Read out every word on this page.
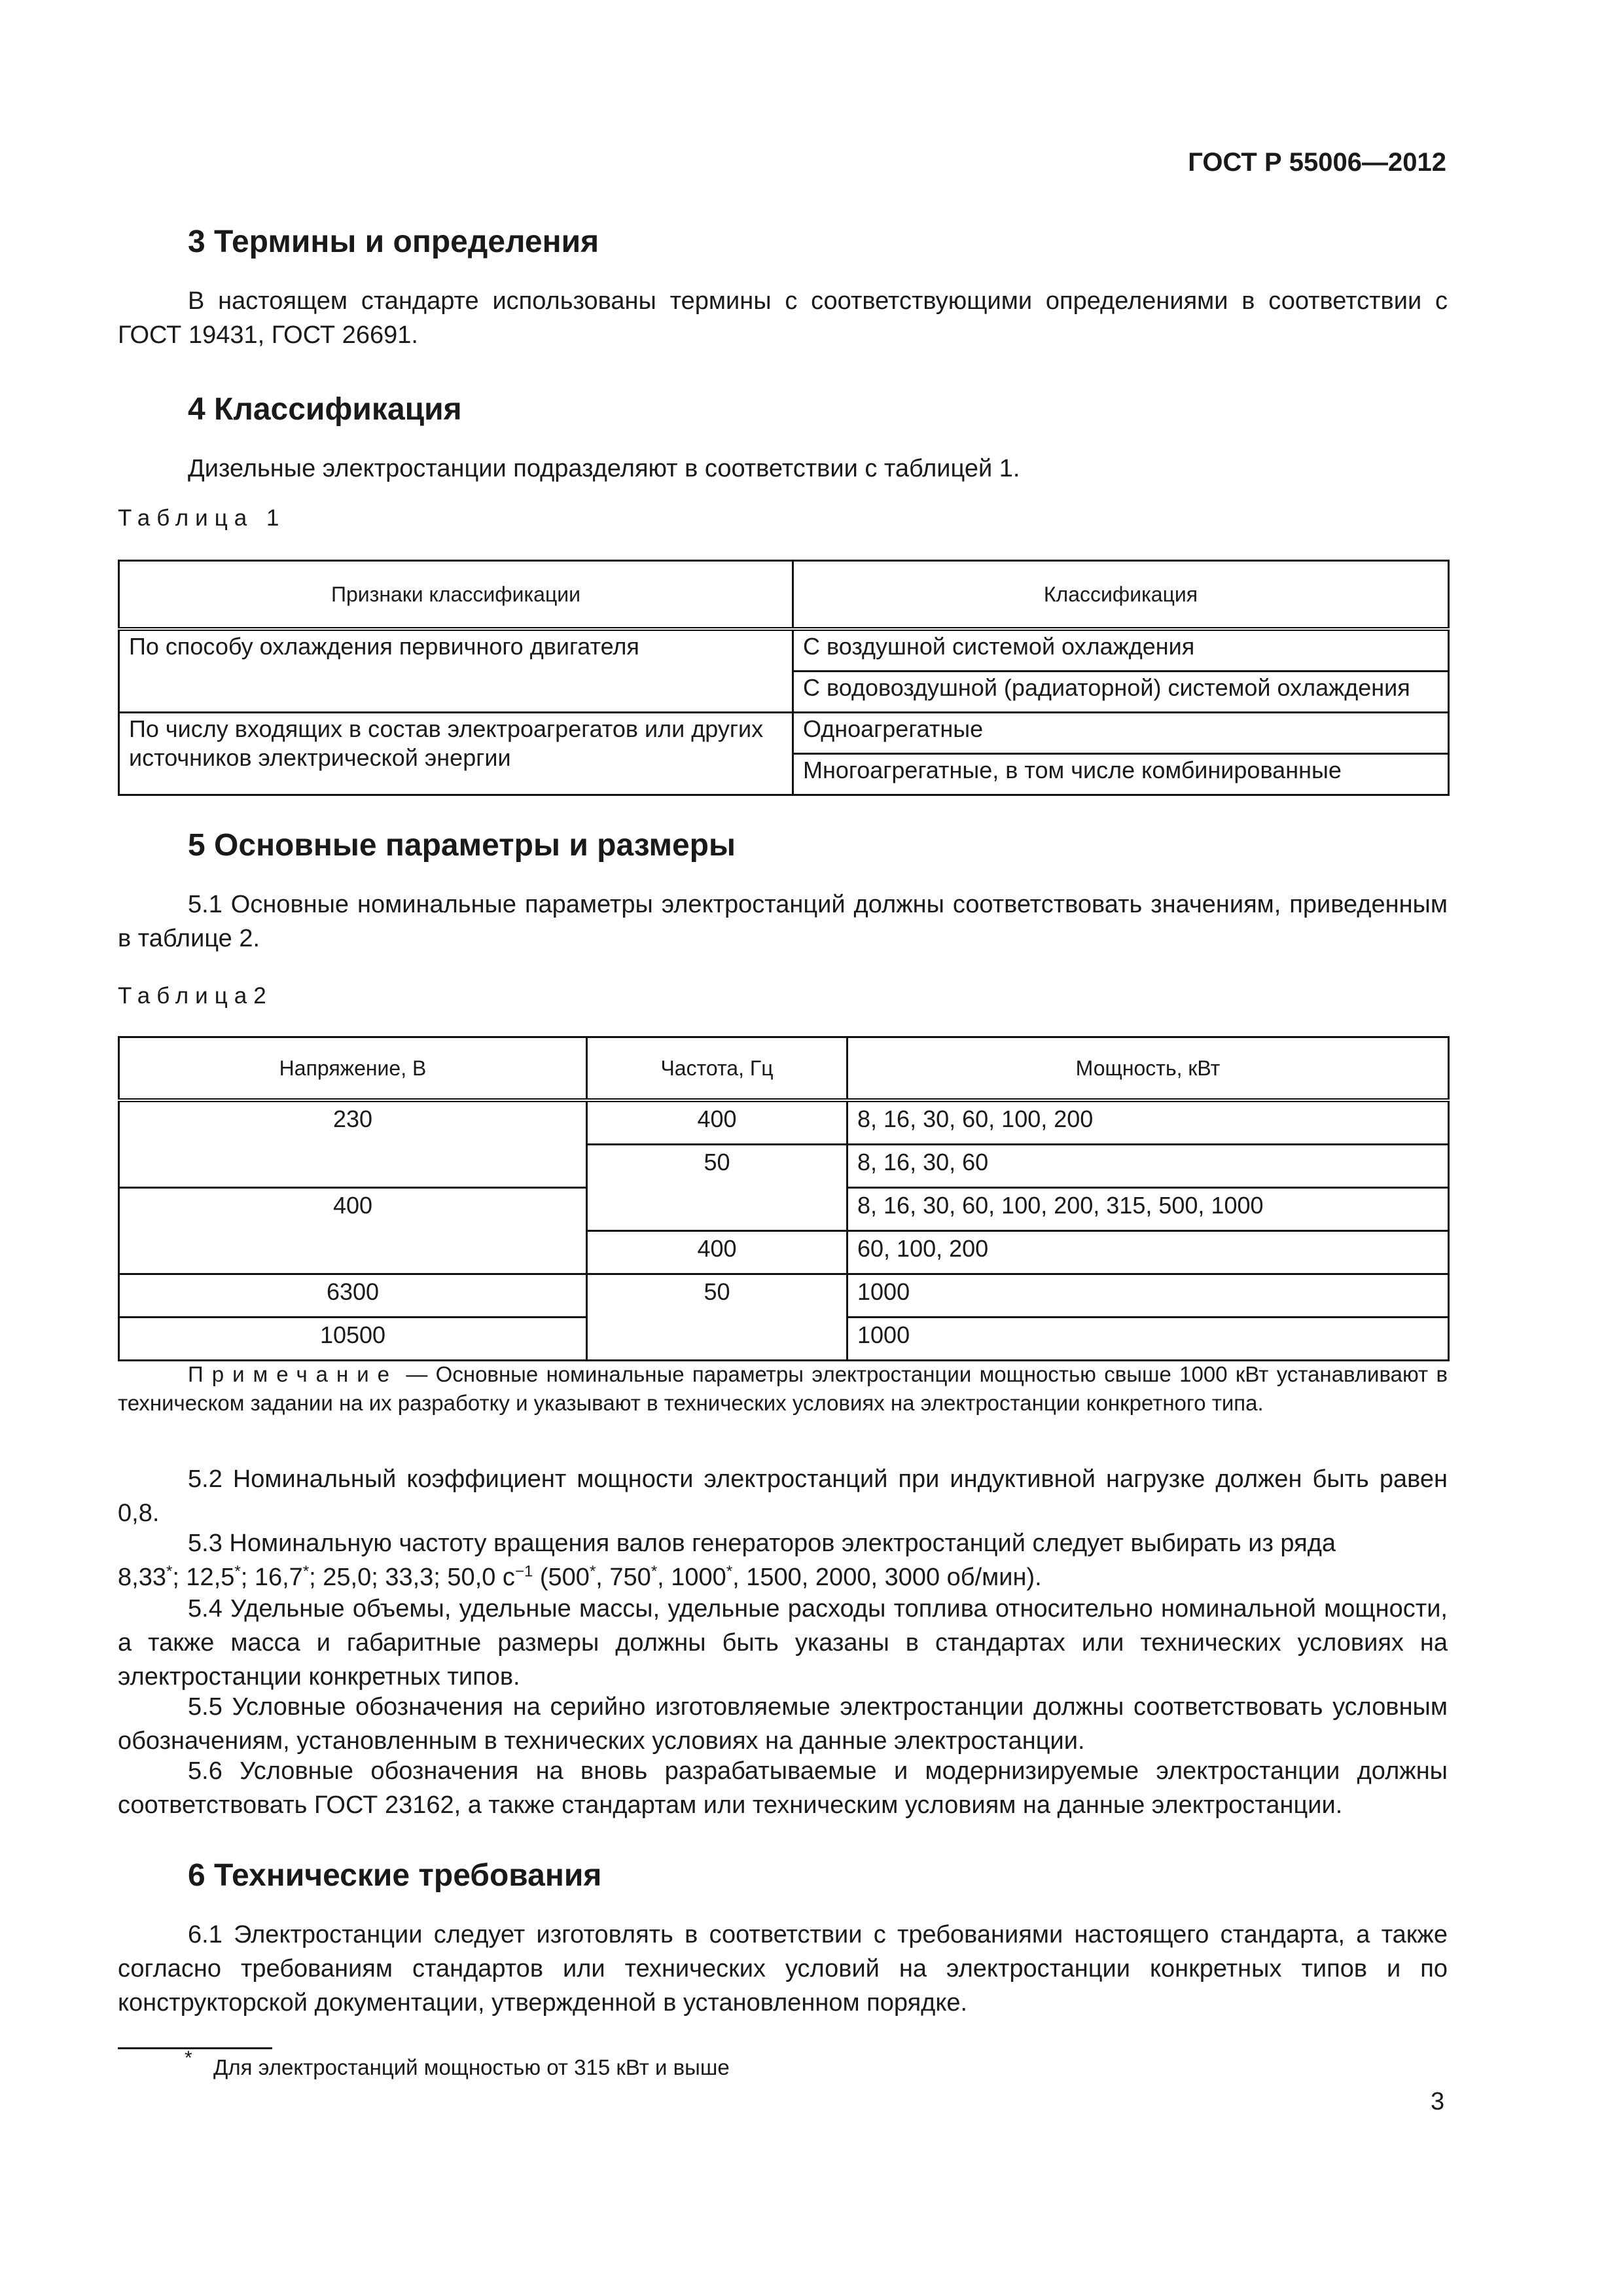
ГОСТ Р 55006—2012
3 Термины и определения
В настоящем стандарте использованы термины с соответствующими определениями в соответствии с ГОСТ 19431, ГОСТ 26691.
4 Классификация
Дизельные электростанции подразделяют в соответствии с таблицей 1.
Таблица 1
Признаки классификации	Классификация
По способу охлаждения первичного двигателя	С воздушной системой охлаждения
	С водовоздушной (радиаторной) системой охлаждения
По числу входящих в состав электроагрегатов или других источников электрической энергии	Одноагрегатные
	Многоагрегатные, в том числе комбинированные
5 Основные параметры и размеры
5.1 Основные номинальные параметры электростанций должны соответствовать значениям, приведенным в таблице 2.
Таблица2
Напряжение, В	Частота, Гц	Мощность, кВт
230	400	8, 16, 30, 60, 100, 200
	50	8, 16, 30, 60
400		8, 16, 30, 60, 100, 200, 315, 500, 1000
	400	60, 100, 200
6300	50	1000
10500		1000
Примечание — Основные номинальные параметры электростанции мощностью свыше 1000 кВт устанавливают в техническом задании на их разработку и указывают в технических условиях на электростанции конкретного типа.
5.2 Номинальный коэффициент мощности электростанций при индуктивной нагрузке должен быть равен 0,8.
5.3 Номинальную частоту вращения валов генераторов электростанций следует выбирать из ряда
8,33*; 12,5*; 16,7*; 25,0; 33,3; 50,0 $с^{-1}$ (500*, 750*, 1000*, 1500, 2000, 3000 об/мин).
5.4 Удельные объемы, удельные массы, удельные расходы топлива относительно номинальной мощности, а также масса и габаритные размеры должны быть указаны в стандартах или технических условиях на электростанции конкретных типов.
5.5 Условные обозначения на серийно изготовляемые электростанции должны соответствовать условным обозначениям, установленным в технических условиях на данные электростанции.
5.6 Условные обозначения на вновь разрабатываемые и модернизируемые электростанции должны соответствовать ГОСТ 23162, а также стандартам или техническим условиям на данные электростанции.
6 Технические требования
6.1 Электростанции следует изготовлять в соответствии с требованиями настоящего стандарта, а также согласно требованиям стандартов или технических условий на электростанции конкретных типов и по конструкторской документации, утвержденной в установленном порядке.
* Для электростанций мощностью от 315 кВт и выше
3
